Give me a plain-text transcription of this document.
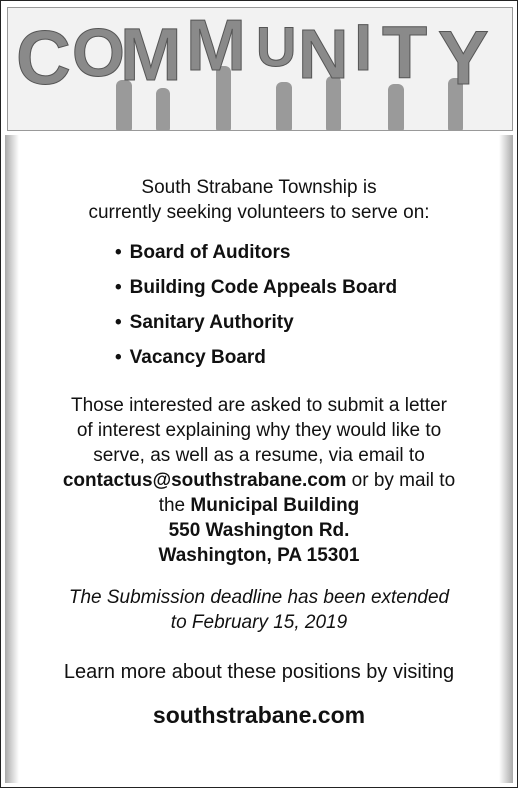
C O
M M U N I T Y

South Strabane Township is
currently seeking volunteers to serve on:

• Board of Auditors
• Building Code Appeals Board
• Sanitary Authority
• Vacancy Board

Those interested are asked to submit a letter
of interest explaining why they would like to
serve, as well as a resume, via email to
contactus@southstrabane.com or by mail to
the Municipal Building
550 Washington Rd.
Washington, PA 15301

The Submission deadline has been extended
to February 15, 2019

Learn more about these positions by visiting

southstrabane.com
